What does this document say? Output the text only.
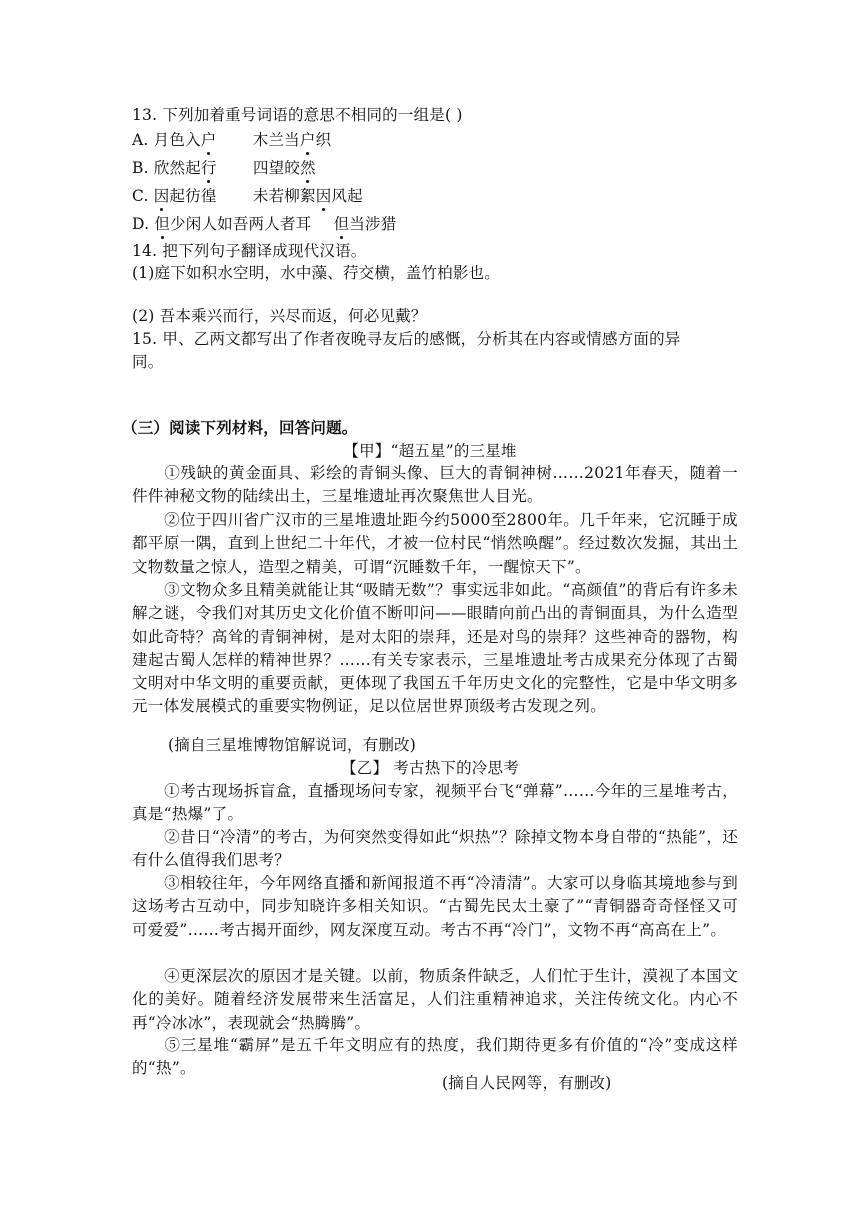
13. 下列加着重号词语的意思不相同的一组是( )
A. 月色入户 木兰当户织
B. 欣然起行 四望皎然
C. 因起彷徨 未若柳絮因风起
D. 但少闲人如吾两人者耳 但当涉猎
14. 把下列句子翻译成现代汉语。
(1)庭下如积水空明，水中藻、荇交横，盖竹柏影也。
(2) 吾本乘兴而行，兴尽而返，何必见戴？
15. 甲、乙两文都写出了作者夜晚寻友后的感慨，分析其在内容或情感方面的异
同。
（三）阅读下列材料，回答问题。
【甲】“超五星”的三星堆
①残缺的黄金面具、彩绘的青铜头像、巨大的青铜神树……2021年春天，随着一件件神秘文物的陆续出土，三星堆遗址再次聚焦世人目光。
②位于四川省广汉市的三星堆遗址距今约5000至2800年。几千年来，它沉睡于成都平原一隅，直到上世纪二十年代，才被一位村民“悄然唤醒”。经过数次发掘，其出土文物数量之惊人，造型之精美，可谓“沉睡数千年，一醒惊天下”。
③文物众多且精美就能让其“吸睛无数”？事实远非如此。“高颜值”的背后有许多未解之谜，令我们对其历史文化价值不断叩问——眼睛向前凸出的青铜面具，为什么造型如此奇特？高耸的青铜神树，是对太阳的崇拜，还是对鸟的崇拜？这些神奇的器物，构建起古蜀人怎样的精神世界？……有关专家表示，三星堆遗址考古成果充分体现了古蜀文明对中华文明的重要贡献，更体现了我国五千年历史文化的完整性，它是中华文明多元一体发展模式的重要实物例证，足以位居世界顶级考古发现之列。
(摘自三星堆博物馆解说词，有删改)
【乙】 考古热下的冷思考
①考古现场拆盲盒，直播现场问专家，视频平台飞“弹幕”……今年的三星堆考古，真是“热爆”了。
②昔日“冷清”的考古，为何突然变得如此“炽热”？除掉文物本身自带的“热能”，还有什么值得我们思考？
③相较往年，今年网络直播和新闻报道不再“冷清清”。大家可以身临其境地参与到这场考古互动中，同步知晓许多相关知识。“古蜀先民太土豪了”“青铜器奇奇怪怪又可可爱爱”……考古揭开面纱，网友深度互动。考古不再“冷门”，文物不再“高高在上”。
④更深层次的原因才是关键。以前，物质条件缺乏，人们忙于生计，漠视了本国文化的美好。随着经济发展带来生活富足，人们注重精神追求，关注传统文化。内心不再“冷冰冰”，表现就会“热腾腾”。
⑤三星堆“霸屏”是五千年文明应有的热度，我们期待更多有价值的“冷”变成这样的“热”。
(摘自人民网等，有删改)
